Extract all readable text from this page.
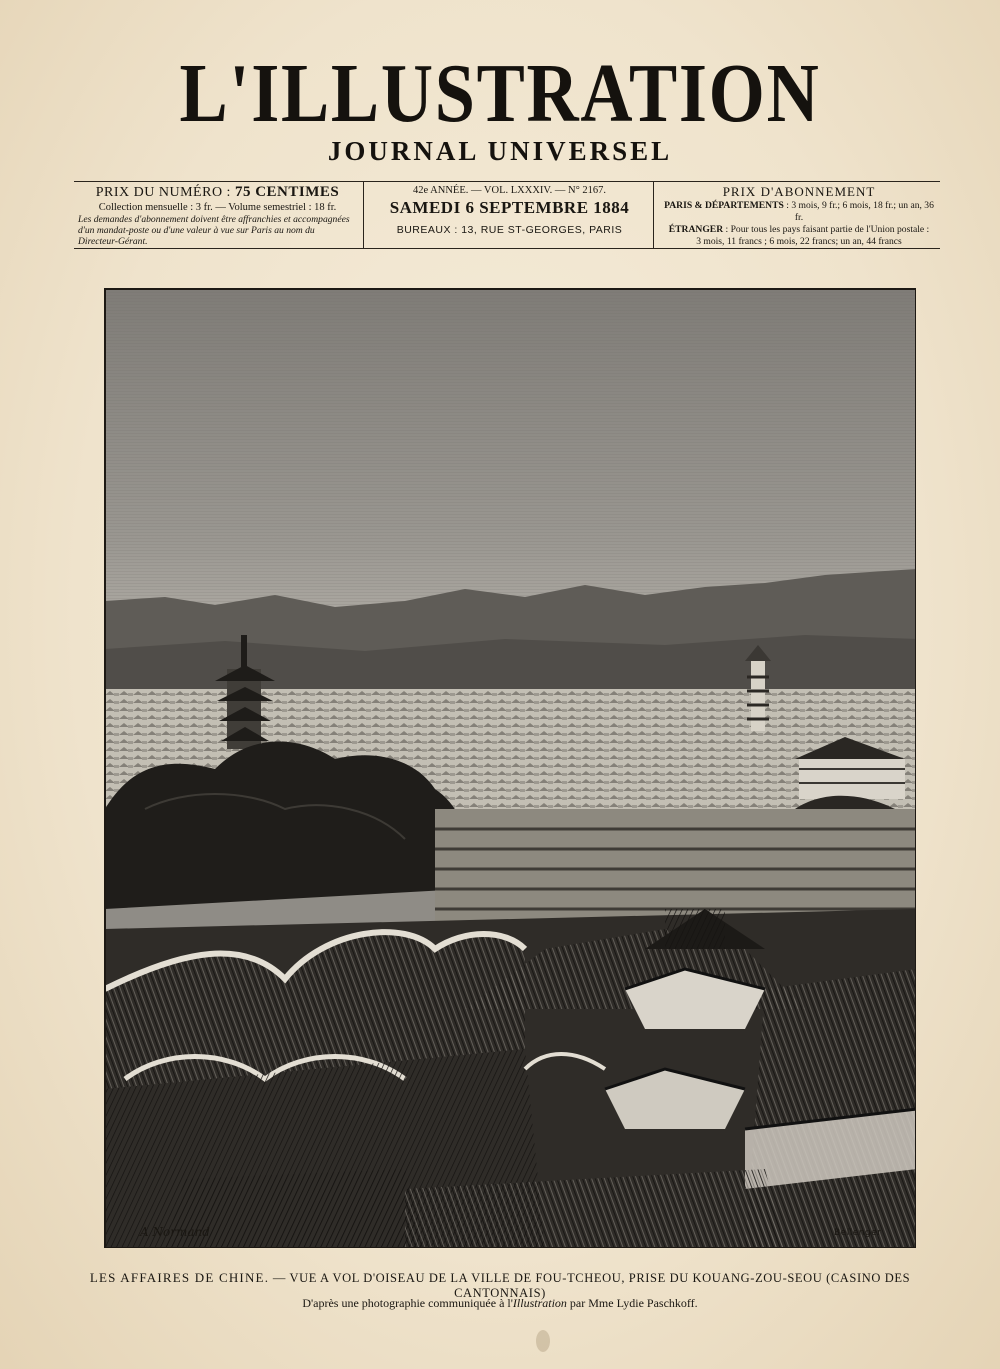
L'ILLUSTRATION
JOURNAL UNIVERSEL
PRIX DU NUMÉRO : 75 CENTIMES
Collection mensuelle : 3 fr. — Volume semestriel : 18 fr.
Les demandes d'abonnement doivent être affranchies et accompagnées d'un mandat-poste ou d'une valeur à vue sur Paris au nom du Directeur-Gérant.
42e ANNÉE. — VOL. LXXXIV. — N° 2167.
SAMEDI 6 SEPTEMBRE 1884
BUREAUX : 13, RUE ST-GEORGES, PARIS
PRIX D'ABONNEMENT
PARIS & DÉPARTEMENTS : 3 mois, 9 fr.; 6 mois, 18 fr.; un an, 36 fr.
ÉTRANGER : Pour tous les pays faisant partie de l'Union postale :
3 mois, 11 francs ; 6 mois, 22 francs; un an, 44 francs
A Normand	Bellenger
LES AFFAIRES DE CHINE. — VUE A VOL D'OISEAU DE LA VILLE DE FOU-TCHEOU, PRISE DU KOUANG-ZOU-SEOU (CASINO DES CANTONNAIS)
D'après une photographie communiquée à l'Illustration par Mme Lydie Paschkoff.
